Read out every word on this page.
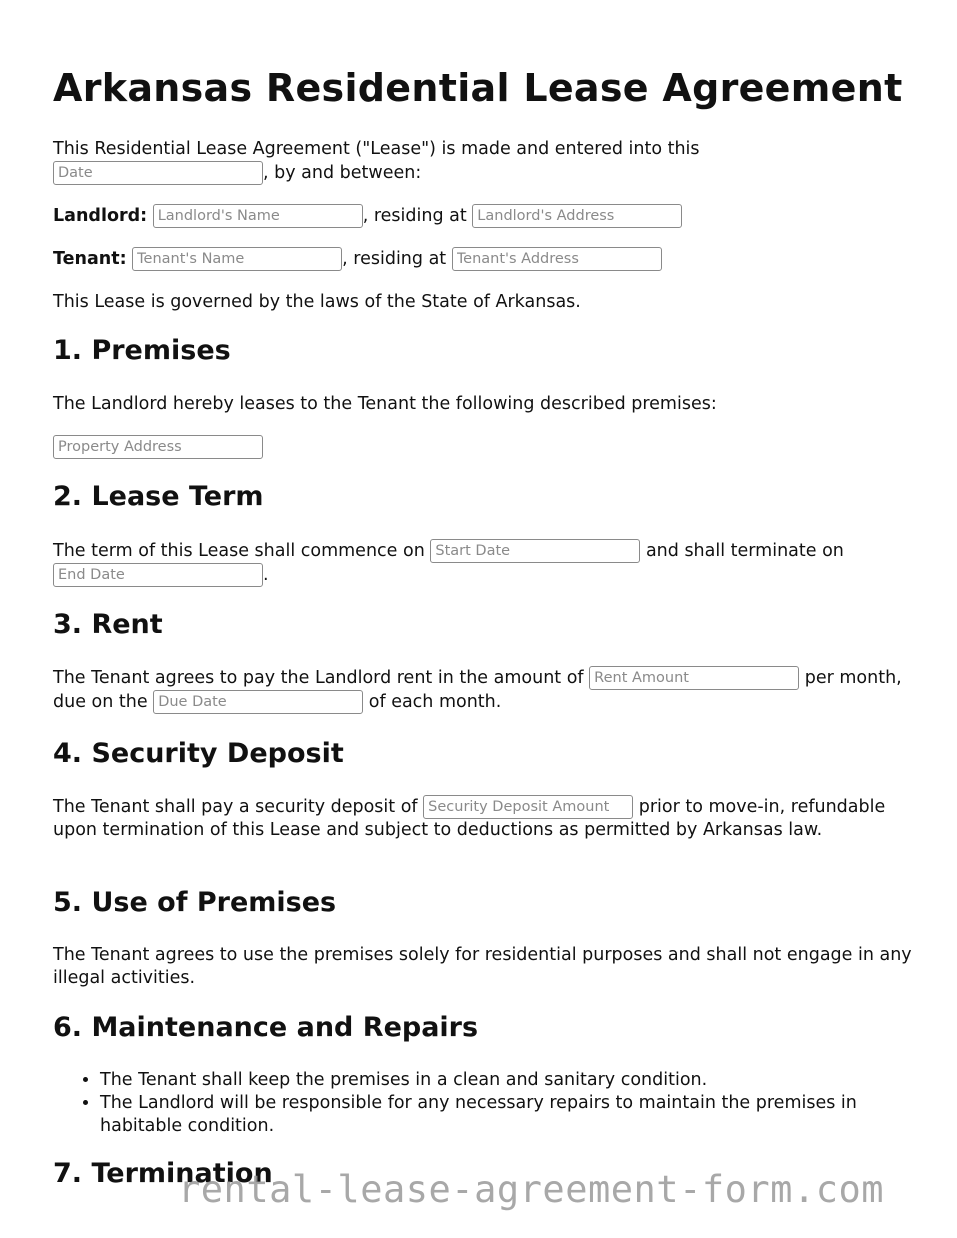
Arkansas Residential Lease Agreement

This Residential Lease Agreement ("Lease") is made and entered into this
Date, by and between:

Landlord: Landlord's Name	, residing at Landlord's Address

Tenant: Tenant's Name	, residing at Tenant's Address

This Lease is governed by the laws of the State of Arkansas.

1. Premises

The Landlord hereby leases to the Tenant the following described premises:

Property Address

2. Lease Term

The term of this Lease shall commence on Start Date	and shall terminate on
End Date.

3. Rent

The Tenant agrees to pay the Landlord rent in the amount of Rent Amount	per month, due on the Due Date	of each month.

4. Security Deposit

The Tenant shall pay a security deposit of Security Deposit Amount	prior to move-in, refundable upon termination of this Lease and subject to deductions as permitted by Arkansas law.

5. Use of Premises

The Tenant agrees to use the premises solely for residential purposes and shall not engage in any illegal activities.

6. Maintenance and Repairs
• The Tenant shall keep the premises in a clean and sanitary condition.
• The Landlord will be responsible for any necessary repairs to maintain the premises in habitable condition.
7. Termination
rental-lease-agreement-form.com
